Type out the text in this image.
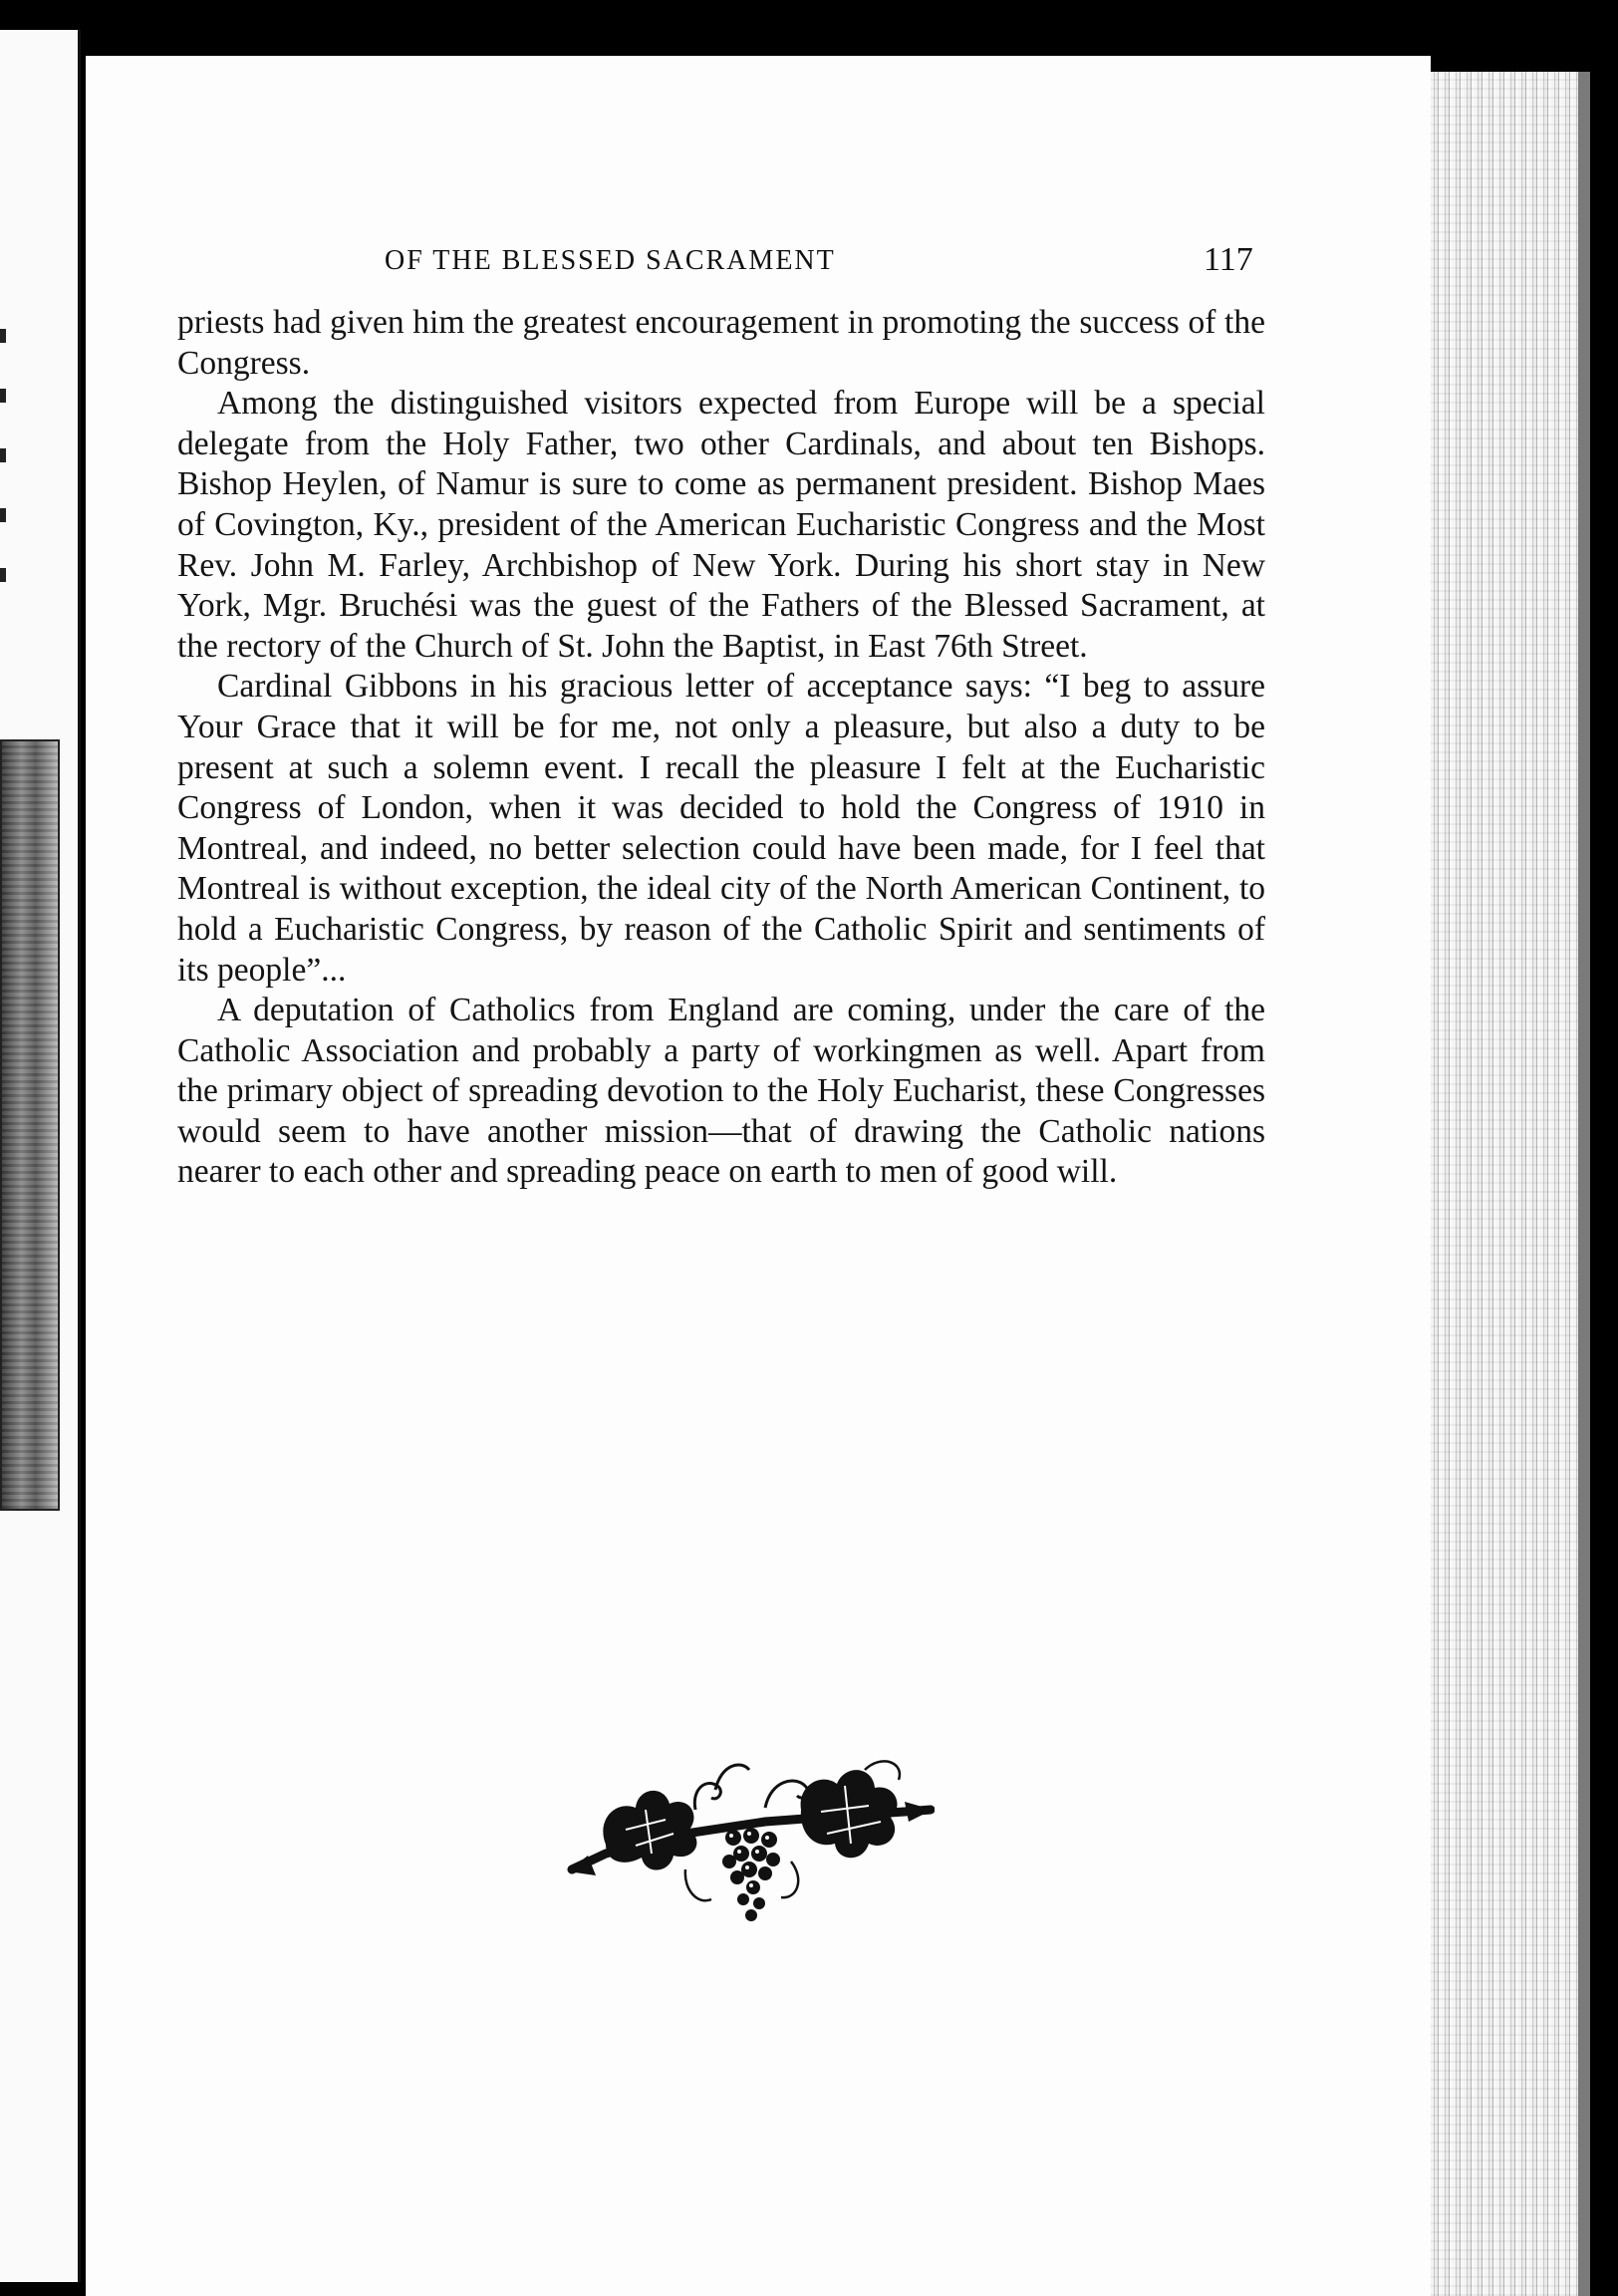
OF THE BLESSED SACRAMENT	117

priests had given him the greatest encouragement in promoting the success of the Congress.

Among the distinguished visitors expected from Europe will be a special delegate from the Holy Father, two other Cardinals, and about ten Bishops. Bishop Heylen, of Namur is sure to come as permanent president. Bishop Maes of Covington, Ky., president of the American Eucharistic Congress and the Most Rev. John M. Farley, Archbishop of New York. During his short stay in New York, Mgr. Bruchési was the guest of the Fathers of the Blessed Sacrament, at the rectory of the Church of St. John the Baptist, in East 76th Street.

Cardinal Gibbons in his gracious letter of acceptance says: “I beg to assure Your Grace that it will be for me, not only a pleasure, but also a duty to be present at such a solemn event. I recall the pleasure I felt at the Eucharistic Congress of London, when it was decided to hold the Congress of 1910 in Montreal, and indeed, no better selection could have been made, for I feel that Montreal is without exception, the ideal city of the North American Continent, to hold a Eucharistic Congress, by reason of the Catholic Spirit and sentiments of its people”...

A deputation of Catholics from England are coming, under the care of the Catholic Association and probably a party of workingmen as well. Apart from the primary object of spreading devotion to the Holy Eucharist, these Congresses would seem to have another mission—that of drawing the Catholic nations nearer to each other and spreading peace on earth to men of good will.
